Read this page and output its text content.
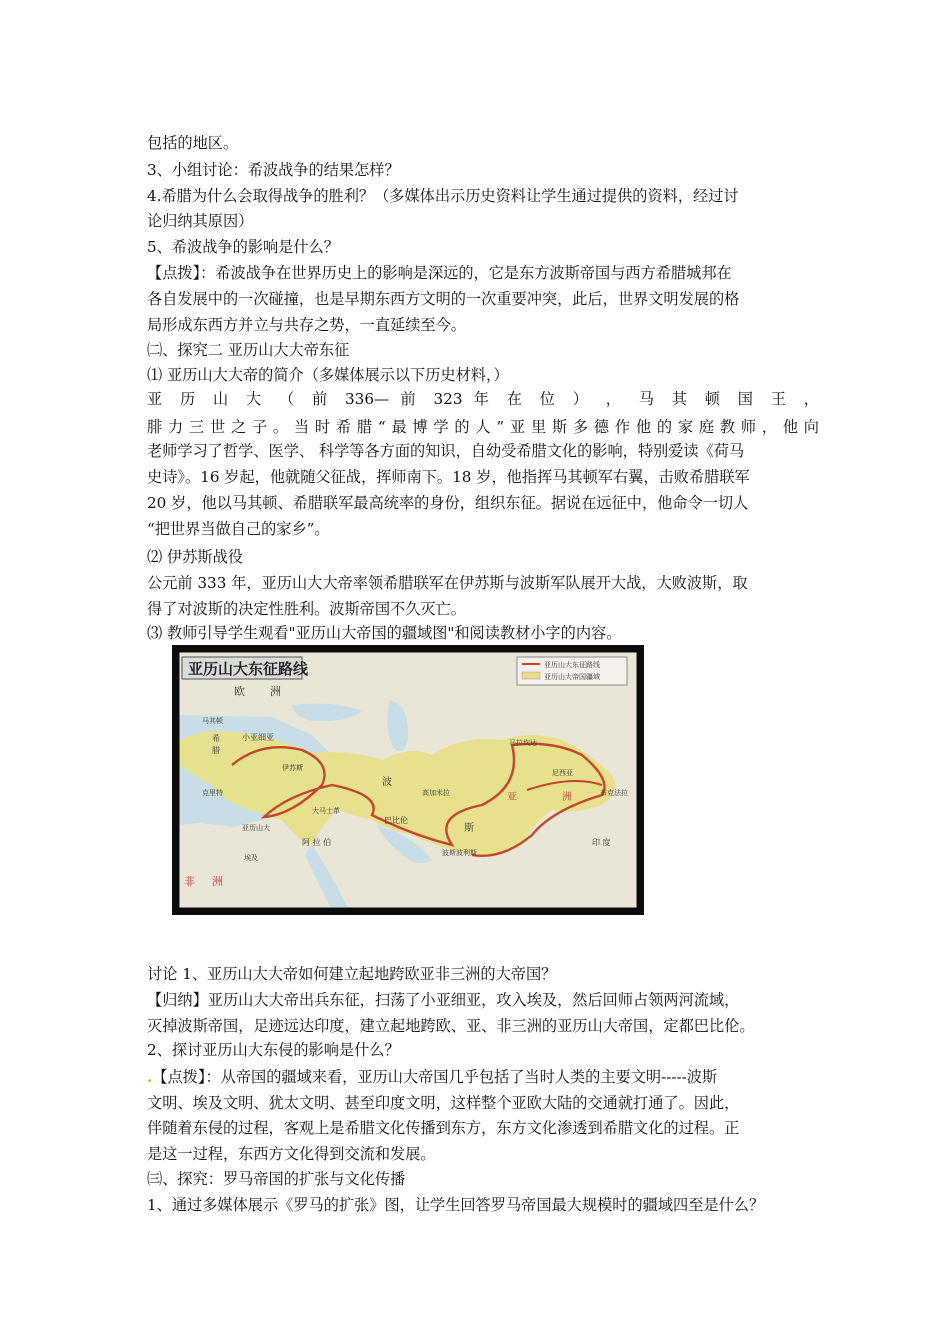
包括的地区。
3、小组讨论：希波战争的结果怎样？
4.希腊为什么会取得战争的胜利？（多媒体出示历史资料让学生通过提供的资料，经过讨
论归纳其原因）
5、希波战争的影响是什么？
【点拨】：希波战争在世界历史上的影响是深远的，它是东方波斯帝国与西方希腊城邦在
各自发展中的一次碰撞，也是早期东西方文明的一次重要冲突，此后，世界文明发展的格
局形成东西方并立与共存之势，一直延续至今。
㈡、探究二 亚历山大大帝东征
⑴ 亚历山大大帝的简介（多媒体展示以下历史材料，）
亚 历 山 大 （ 前 336— 前 323 年 在 位 ） ， 马 其 顿 国 王 ，
腓力三世之子。当时希腊“最博学的人”亚里斯多德作他的家庭教师，他向
老师学习了哲学、医学、 科学等各方面的知识，自幼受希腊文化的影响，特别爱读《荷马
史诗》。16 岁起，他就随父征战，挥师南下。18 岁，他指挥马其顿军右翼，击败希腊联军
20 岁，他以马其顿、希腊联军最高统率的身份，组织东征。据说在远征中，他命令一切人
“把世界当做自己的家乡”。
⑵ 伊苏斯战役
公元前 333 年，亚历山大大帝率领希腊联军在伊苏斯与波斯军队展开大战，大败波斯，取
得了对波斯的决定性胜利。波斯帝国不久灭亡。
⑶ 教师引导学生观看"亚历山大帝国的疆域图"和阅读教材小字的内容。
亚历山大东征路线	亚历山大东征路线
亚历山大帝国疆域
欧 洲
马其顿
希
腊
小亚细亚
伊苏斯
克里特
大马士革
亚历山大
埃及
波
斯
巴比伦
高加米拉
波斯波利斯
阿 拉 伯
马拉坎达
尼西亚
布克法拉
亚	洲
印 度
非 洲
讨论 1、亚历山大大帝如何建立起地跨欧亚非三洲的大帝国？
【归纳】亚历山大大帝出兵东征，扫荡了小亚细亚，攻入埃及，然后回师占领两河流域，
灭掉波斯帝国，足迹远达印度，建立起地跨欧、亚、非三洲的亚历山大帝国，定都巴比伦。
2、探讨亚历山大东侵的影响是什么？
.【点拨】：从帝国的疆域来看，亚历山大帝国几乎包括了当时人类的主要文明-----波斯
文明、埃及文明、犹太文明、甚至印度文明，这样整个亚欧大陆的交通就打通了。因此，
伴随着东侵的过程，客观上是希腊文化传播到东方，东方文化渗透到希腊文化的过程。正
是这一过程，东西方文化得到交流和发展。
㈢、探究：罗马帝国的扩张与文化传播
1、通过多媒体展示《罗马的扩张》图，让学生回答罗马帝国最大规模时的疆域四至是什么？
